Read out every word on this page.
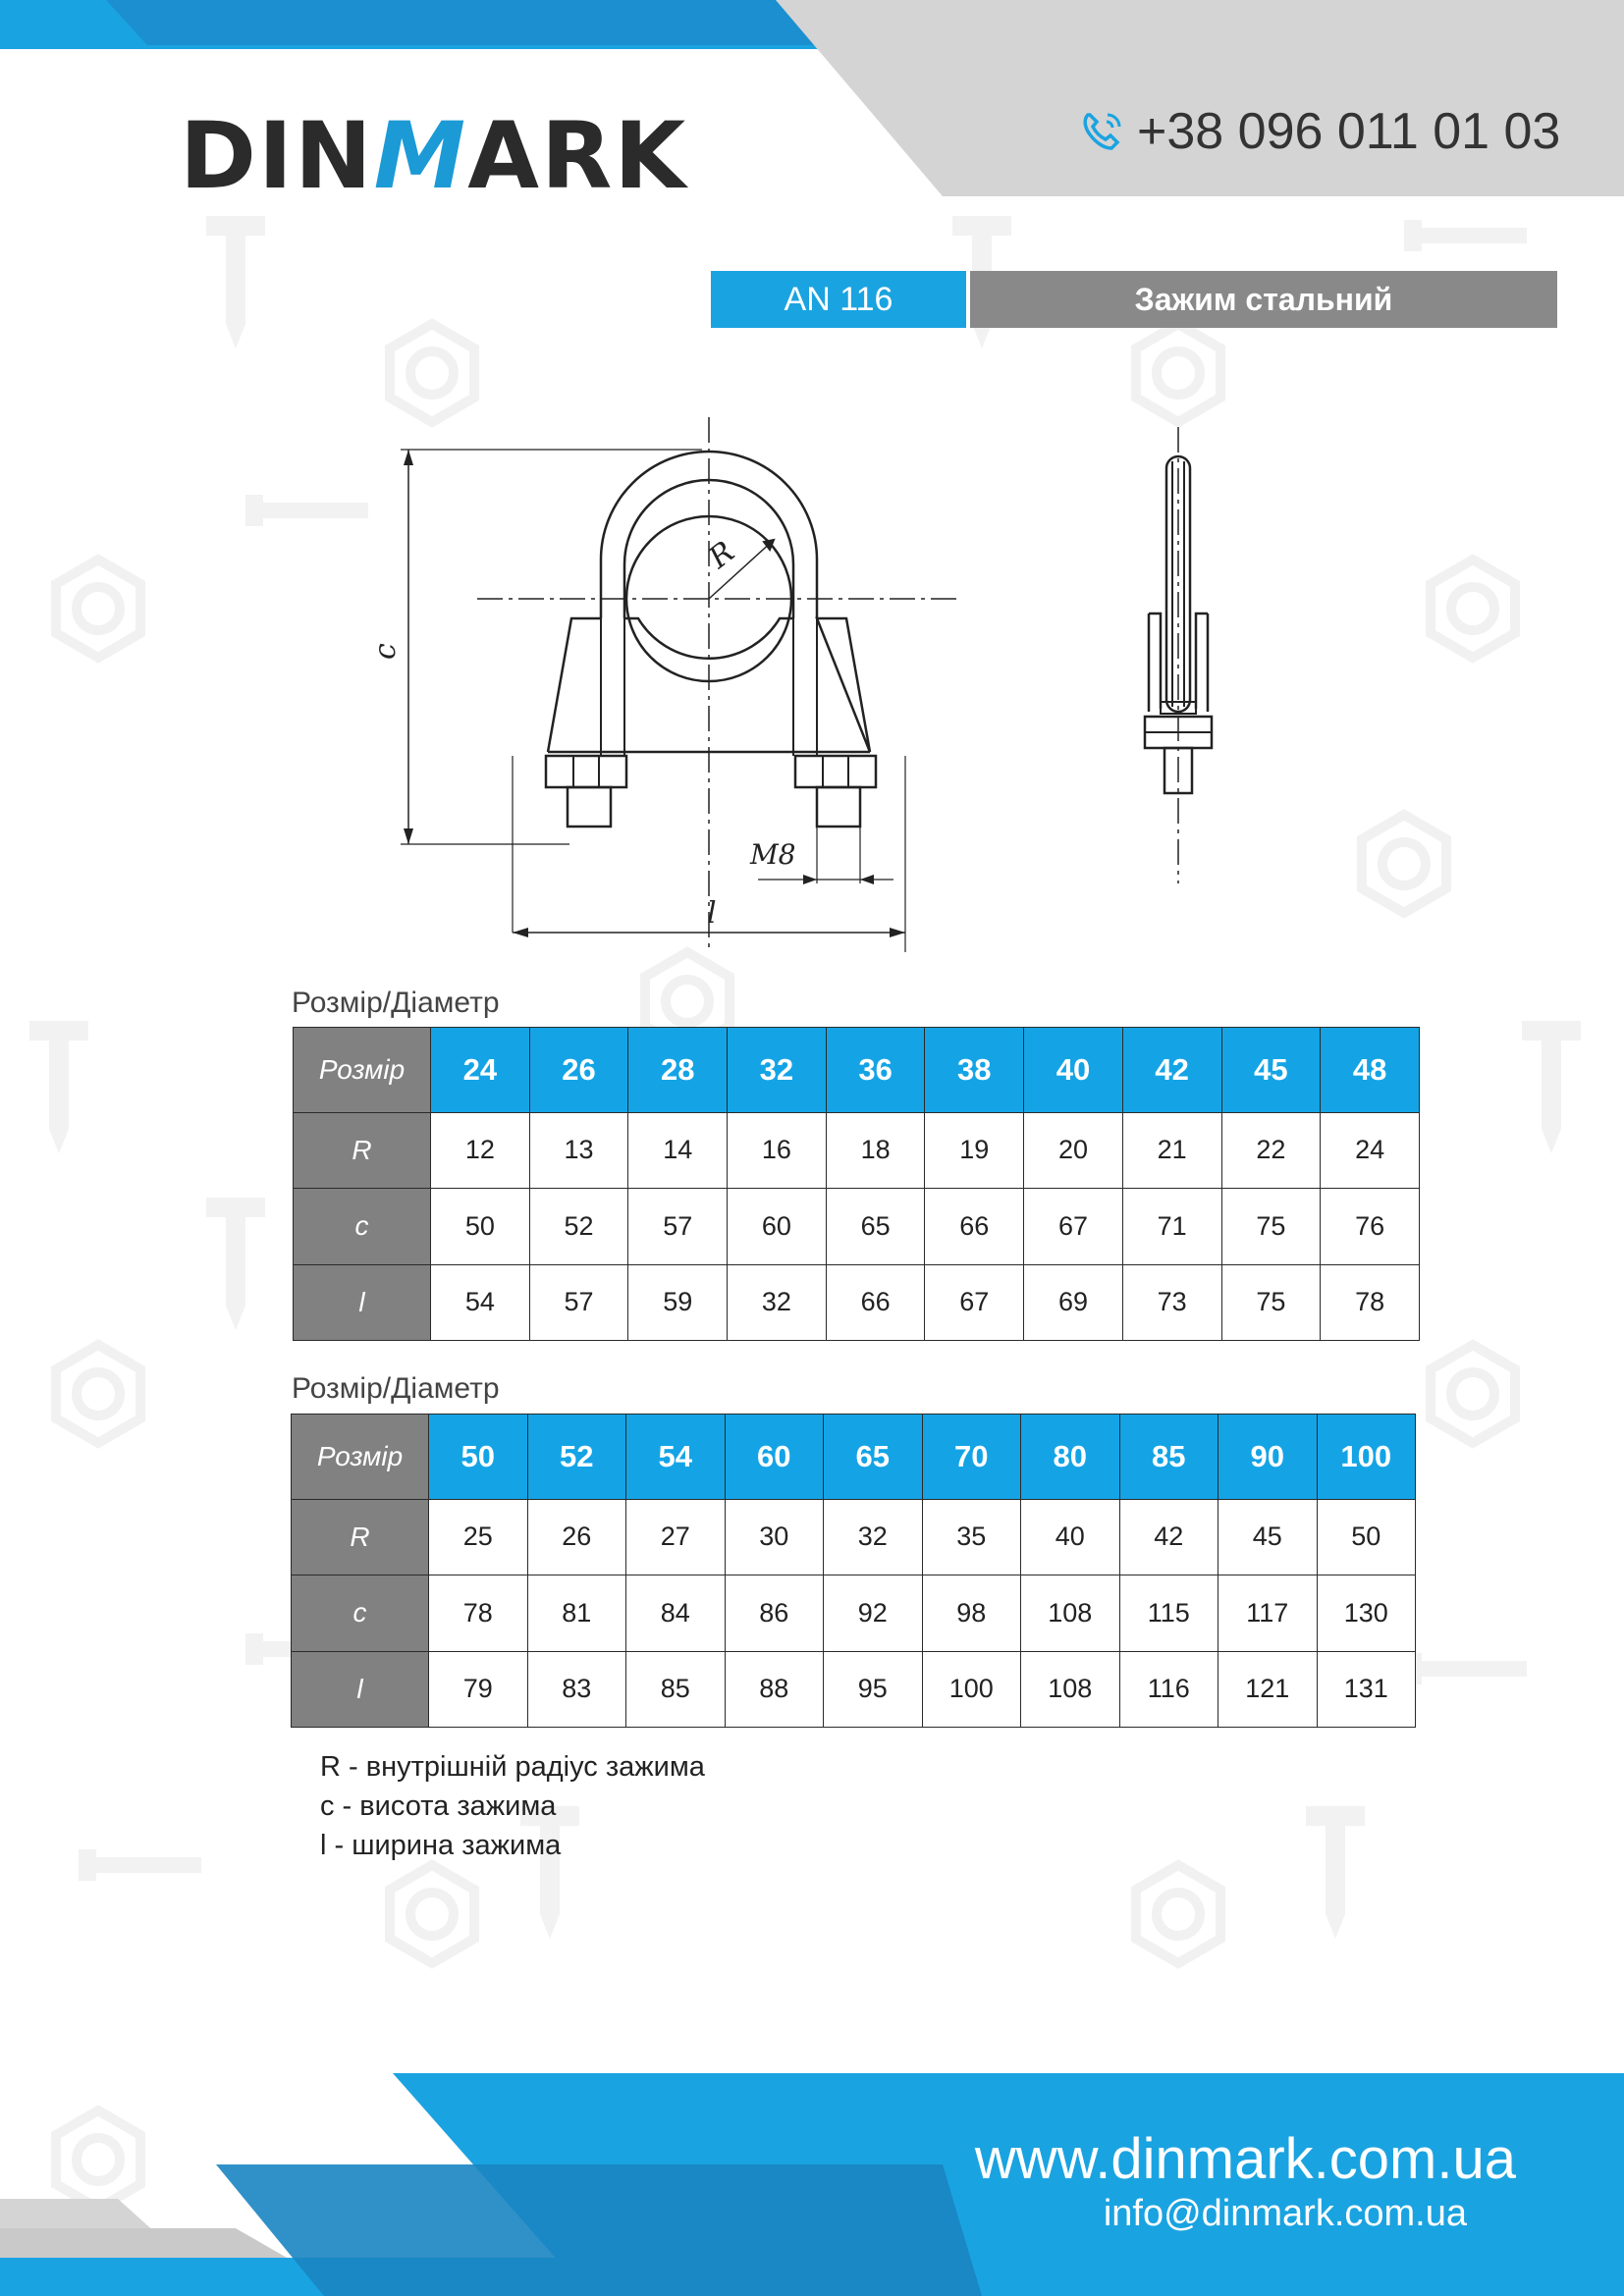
DINMARK	+38 096 011 01 03
AN 116	Зажим стальний
R
c
l
M8
Розмір/Діаметр
Розмір	24	26	28	32	36	38	40	42	45	48
R	12	13	14	16	18	19	20	21	22	24
c	50	52	57	60	65	66	67	71	75	76
l	54	57	59	32	66	67	69	73	75	78
Розмір/Діаметр
Розмір	50	52	54	60	65	70	80	85	90	100
R	25	26	27	30	32	35	40	42	45	50
c	78	81	84	86	92	98	108	115	117	130
l	79	83	85	88	95	100	108	116	121	131
R - внутрішній радіус зажима
c - висота зажима
l - ширина зажима
www.dinmark.com.ua
info@dinmark.com.ua
